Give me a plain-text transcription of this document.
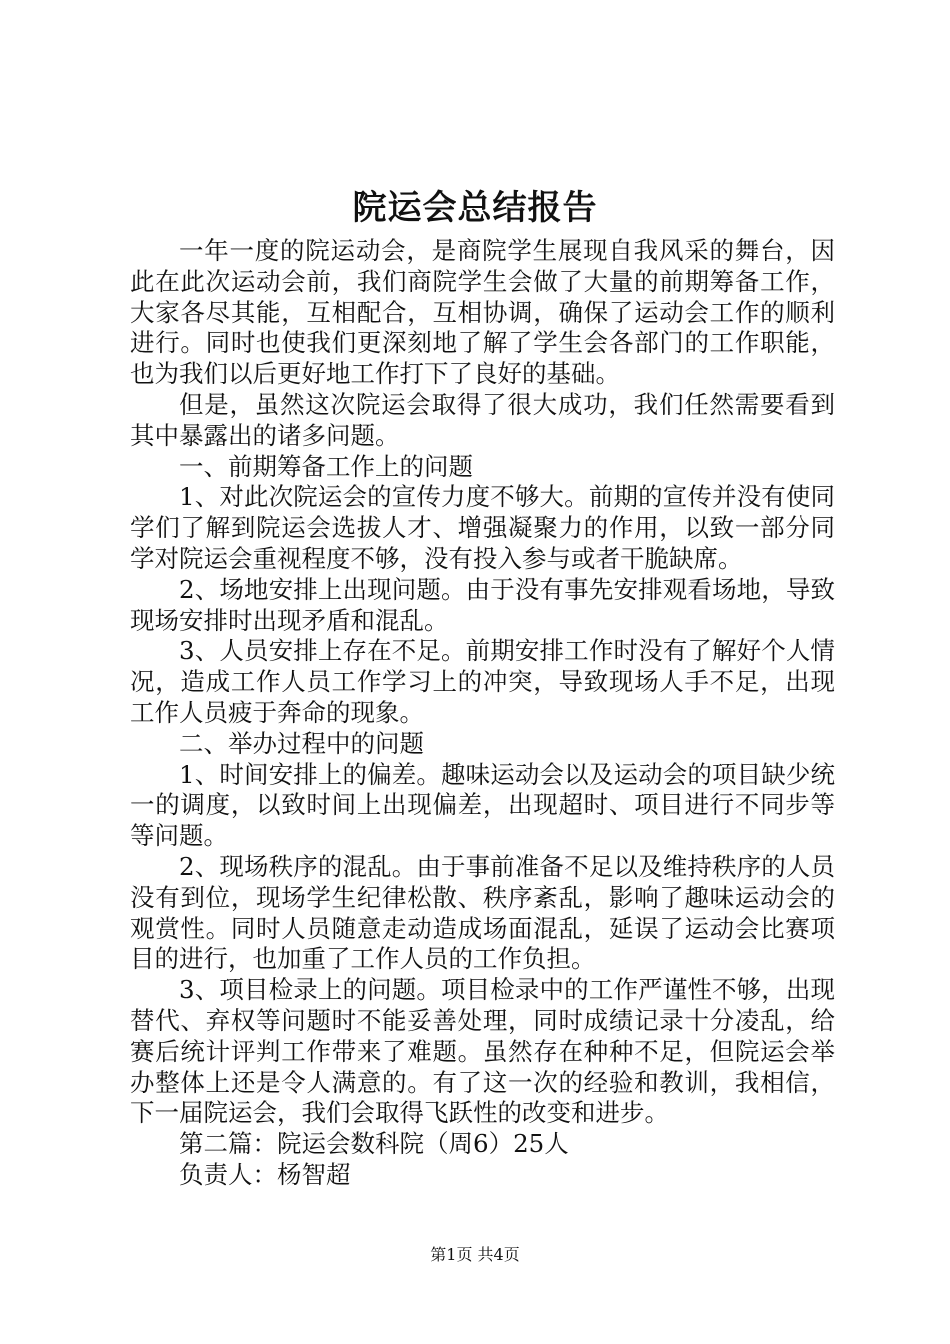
院运会总结报告

一年一度的院运动会，是商院学生展现自我风采的舞台，因此在此次运动会前，我们商院学生会做了大量的前期筹备工作，大家各尽其能，互相配合，互相协调，确保了运动会工作的顺利进行。同时也使我们更深刻地了解了学生会各部门的工作职能，也为我们以后更好地工作打下了良好的基础。

但是，虽然这次院运会取得了很大成功，我们任然需要看到其中暴露出的诸多问题。

一、前期筹备工作上的问题

1、对此次院运会的宣传力度不够大。前期的宣传并没有使同学们了解到院运会选拔人才、增强凝聚力的作用，以致一部分同学对院运会重视程度不够，没有投入参与或者干脆缺席。

2、场地安排上出现问题。由于没有事先安排观看场地，导致现场安排时出现矛盾和混乱。

3、人员安排上存在不足。前期安排工作时没有了解好个人情况，造成工作人员工作学习上的冲突，导致现场人手不足，出现工作人员疲于奔命的现象。

二、举办过程中的问题

1、时间安排上的偏差。趣味运动会以及运动会的项目缺少统一的调度，以致时间上出现偏差，出现超时、项目进行不同步等等问题。

2、现场秩序的混乱。由于事前准备不足以及维持秩序的人员没有到位，现场学生纪律松散、秩序紊乱，影响了趣味运动会的观赏性。同时人员随意走动造成场面混乱，延误了运动会比赛项目的进行，也加重了工作人员的工作负担。

3、项目检录上的问题。项目检录中的工作严谨性不够，出现替代、弃权等问题时不能妥善处理，同时成绩记录十分凌乱，给赛后统计评判工作带来了难题。虽然存在种种不足，但院运会举办整体上还是令人满意的。有了这一次的经验和教训，我相信，下一届院运会，我们会取得飞跃性的改变和进步。

第二篇：院运会数科院（周6）25人

负责人：杨智超

第1页 共4页
